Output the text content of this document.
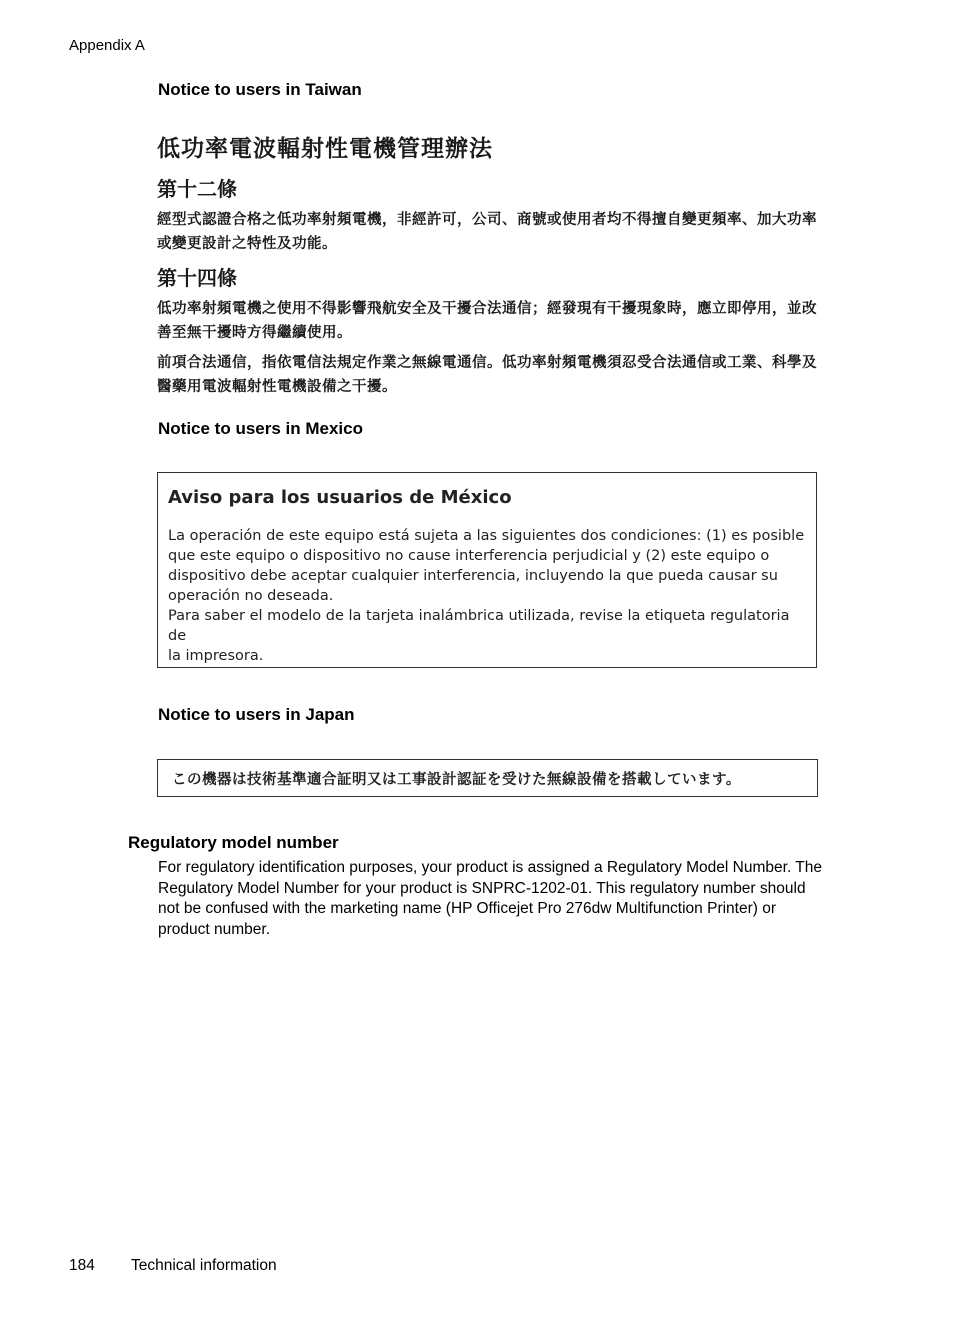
Appendix A
Notice to users in Taiwan
低功率電波輻射性電機管理辦法
第十二條
經型式認證合格之低功率射頻電機，非經許可，公司、商號或使用者均不得擅自變更頻率、加大功率或變更設計之特性及功能。
第十四條
低功率射頻電機之使用不得影響飛航安全及干擾合法通信；經發現有干擾現象時，應立即停用，並改善至無干擾時方得繼續使用。
前項合法通信，指依電信法規定作業之無線電通信。低功率射頻電機須忍受合法通信或工業、科學及醫藥用電波輻射性電機設備之干擾。
Notice to users in Mexico
Aviso para los usuarios de México
La operación de este equipo está sujeta a las siguientes dos condiciones: (1) es posible
que este equipo o dispositivo no cause interferencia perjudicial y (2) este equipo o
dispositivo debe aceptar cualquier interferencia, incluyendo la que pueda causar su
operación no deseada.
Para saber el modelo de la tarjeta inalámbrica utilizada, revise la etiqueta regulatoria de
la impresora.
Notice to users in Japan
この機器は技術基準適合証明又は工事設計認証を受けた無線設備を搭載しています。
Regulatory model number
For regulatory identification purposes, your product is assigned a Regulatory Model Number. The
Regulatory Model Number for your product is SNPRC-1202-01. This regulatory number should
not be confused with the marketing name (HP Officejet Pro 276dw Multifunction Printer) or
product number.
184 Technical information
